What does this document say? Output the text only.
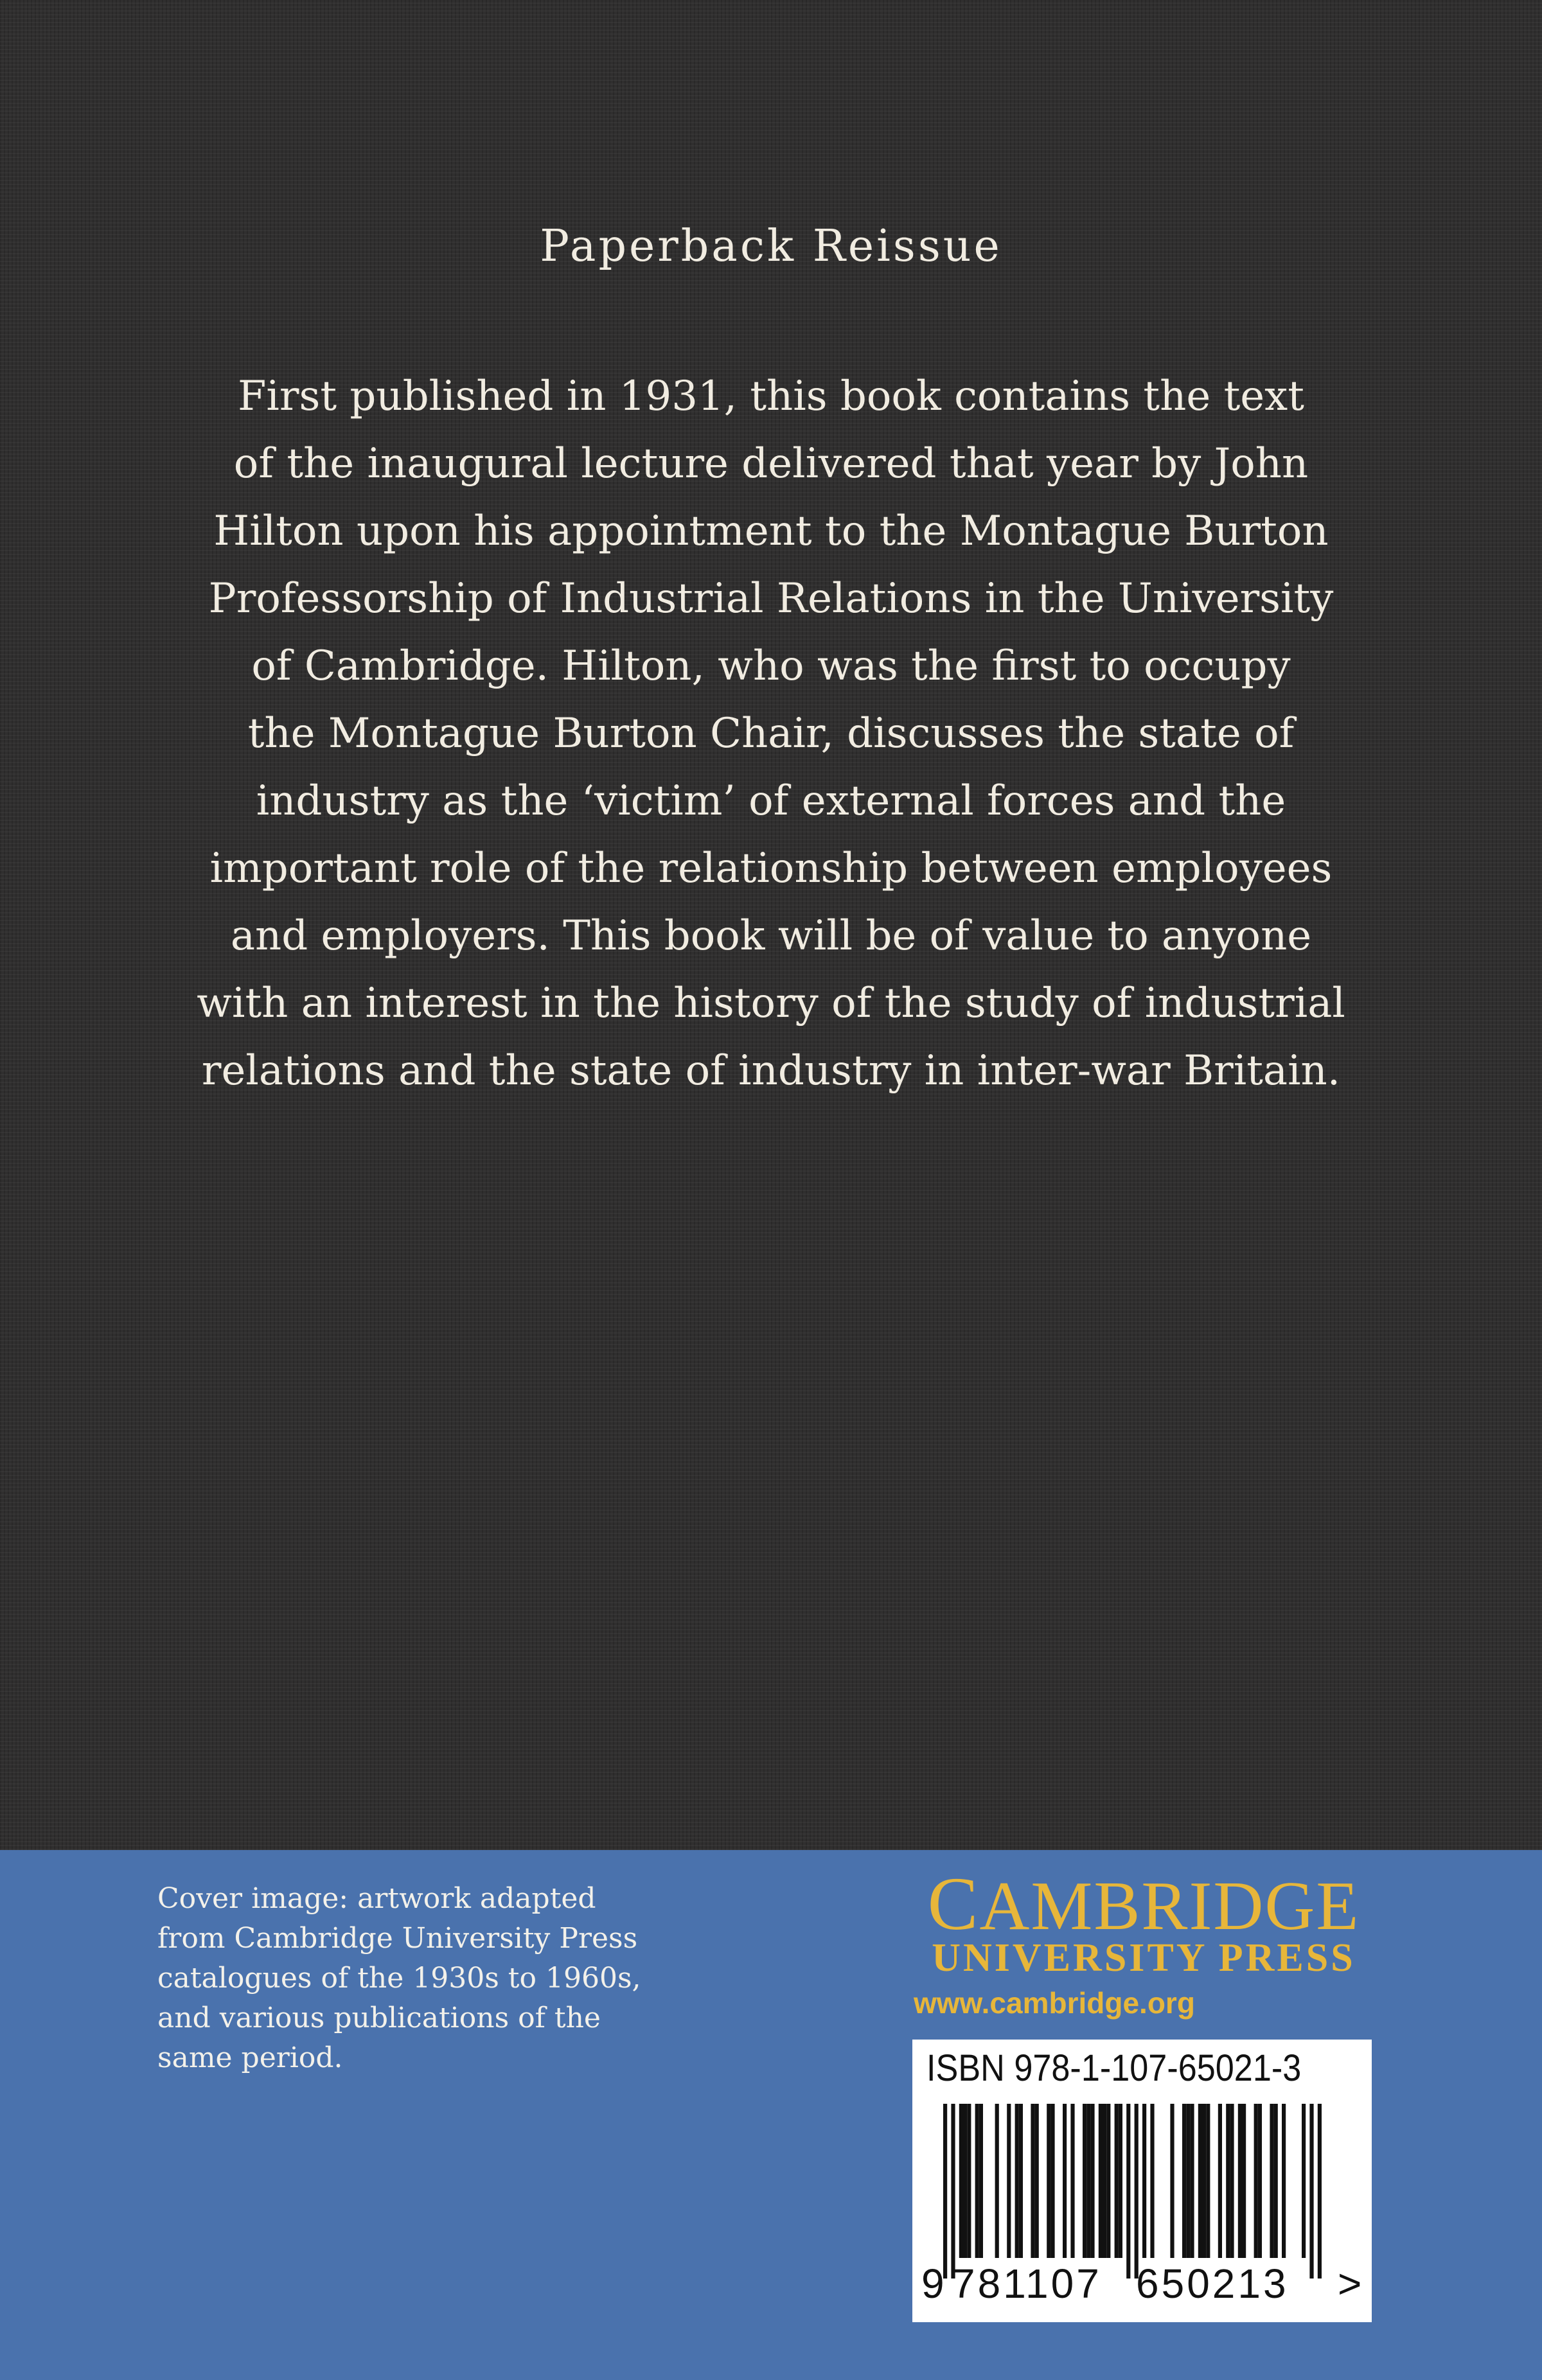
Paperback Reissue
First published in 1931, this book contains the text
of the inaugural lecture delivered that year by John
Hilton upon his appointment to the Montague Burton
Professorship of Industrial Relations in the University
of Cambridge. Hilton, who was the first to occupy
the Montague Burton Chair, discusses the state of
industry as the ‘victim’ of external forces and the
important role of the relationship between employees
and employers. This book will be of value to anyone
with an interest in the history of the study of industrial
relations and the state of industry in inter-war Britain.
Cover image: artwork adapted
from Cambridge University Press
catalogues of the 1930s to 1960s,
and various publications of the
same period.
CAMBRIDGE
UNIVERSITY PRESS
www.cambridge.org
ISBN 978-1-107-65021-3
9 781107 650213 >
